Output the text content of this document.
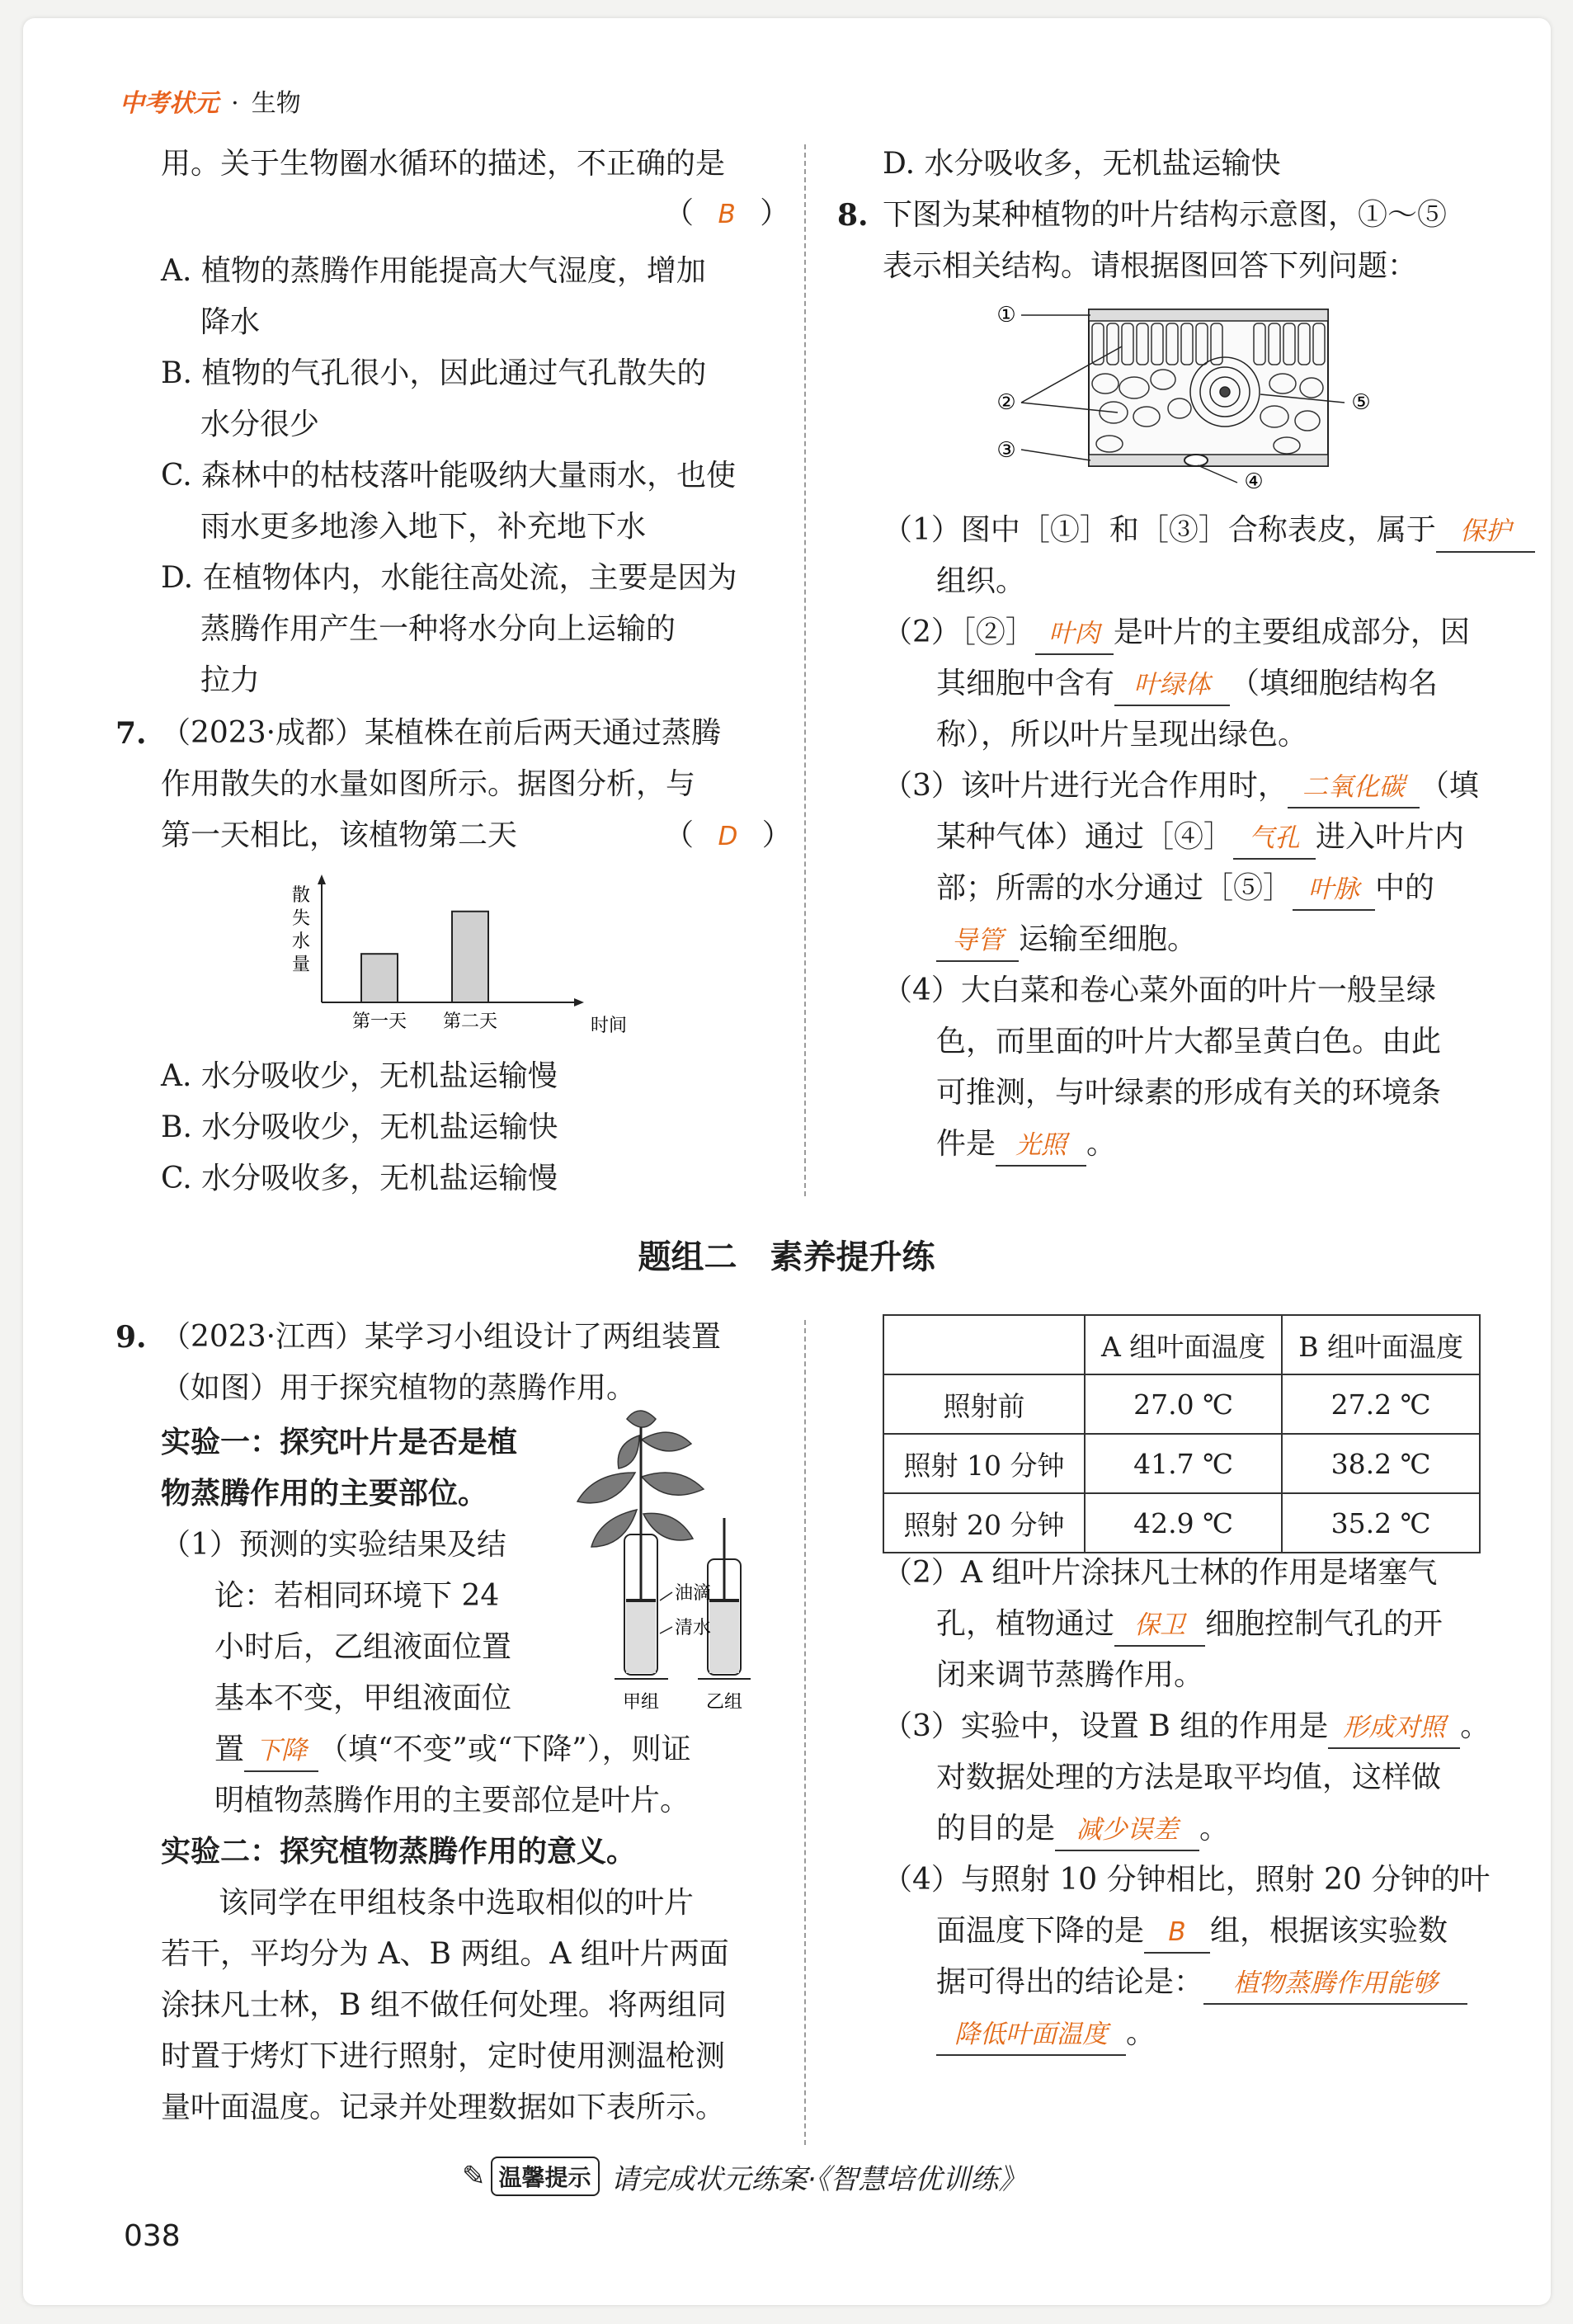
中考状元 · 生物
用。关于生物圈水循环的描述，不正确的是
（ B ）
A. 植物的蒸腾作用能提高大气湿度，增加
降水
B. 植物的气孔很小，因此通过气孔散失的
水分很少
C. 森林中的枯枝落叶能吸纳大量雨水，也使
雨水更多地渗入地下，补充地下水
D. 在植物体内，水能往高处流，主要是因为
蒸腾作用产生一种将水分向上运输的
拉力
7. （2023·成都）某植株在前后两天通过蒸腾
作用散失的水量如图所示。据图分析，与
第一天相比，该植物第二天	（ D ）
散
失
水
量
第一天 第二天	时间
A. 水分吸收少，无机盐运输慢
B. 水分吸收少，无机盐运输快
C. 水分吸收多，无机盐运输慢
D. 水分吸收多，无机盐运输快
8. 下图为某种植物的叶片结构示意图，①～⑤
表示相关结构。请根据图回答下列问题：
①
②
③
④
⑤
（1）图中［①］和［③］合称表皮，属于 保护
组织。
（2）［②］ 叶肉 是叶片的主要组成部分，因
其细胞中含有 叶绿体 （填细胞结构名
称），所以叶片呈现出绿色。
（3）该叶片进行光合作用时， 二氧化碳 （填
某种气体）通过［④］ 气孔 进入叶片内
部；所需的水分通过［⑤］ 叶脉 中的
导管 运输至细胞。
（4）大白菜和卷心菜外面的叶片一般呈绿
色，而里面的叶片大都呈黄白色。由此
可推测，与叶绿素的形成有关的环境条
件是 光照 。
题组二　素养提升练
9. （2023·江西）某学习小组设计了两组装置
（如图）用于探究植物的蒸腾作用。
实验一：探究叶片是否是植
物蒸腾作用的主要部位。
（1）预测的实验结果及结
论：若相同环境下 24
小时后，乙组液面位置
基本不变，甲组液面位
置 下降 （填“不变”或“下降”），则证
明植物蒸腾作用的主要部位是叶片。
实验二：探究植物蒸腾作用的意义。
该同学在甲组枝条中选取相似的叶片
若干，平均分为 A、B 两组。A 组叶片两面
涂抹凡士林，B 组不做任何处理。将两组同
时置于烤灯下进行照射，定时使用测温枪测
量叶面温度。记录并处理数据如下表所示。
油滴
清水
甲组	乙组
	A 组叶面温度	B 组叶面温度
照射前	27.0 ℃	27.2 ℃
照射 10 分钟	41.7 ℃	38.2 ℃
照射 20 分钟	42.9 ℃	35.2 ℃
（2）A 组叶片涂抹凡士林的作用是堵塞气
孔，植物通过 保卫 细胞控制气孔的开
闭来调节蒸腾作用。
（3）实验中，设置 B 组的作用是 形成对照 。
对数据处理的方法是取平均值，这样做
的目的是 减少误差 。
（4）与照射 10 分钟相比，照射 20 分钟的叶
面温度下降的是 B 组，根据该实验数
据可得出的结论是： 植物蒸腾作用能够
降低叶面温度 。
✎ 温馨提示 请完成状元练案·《智慧培优训练》
038
